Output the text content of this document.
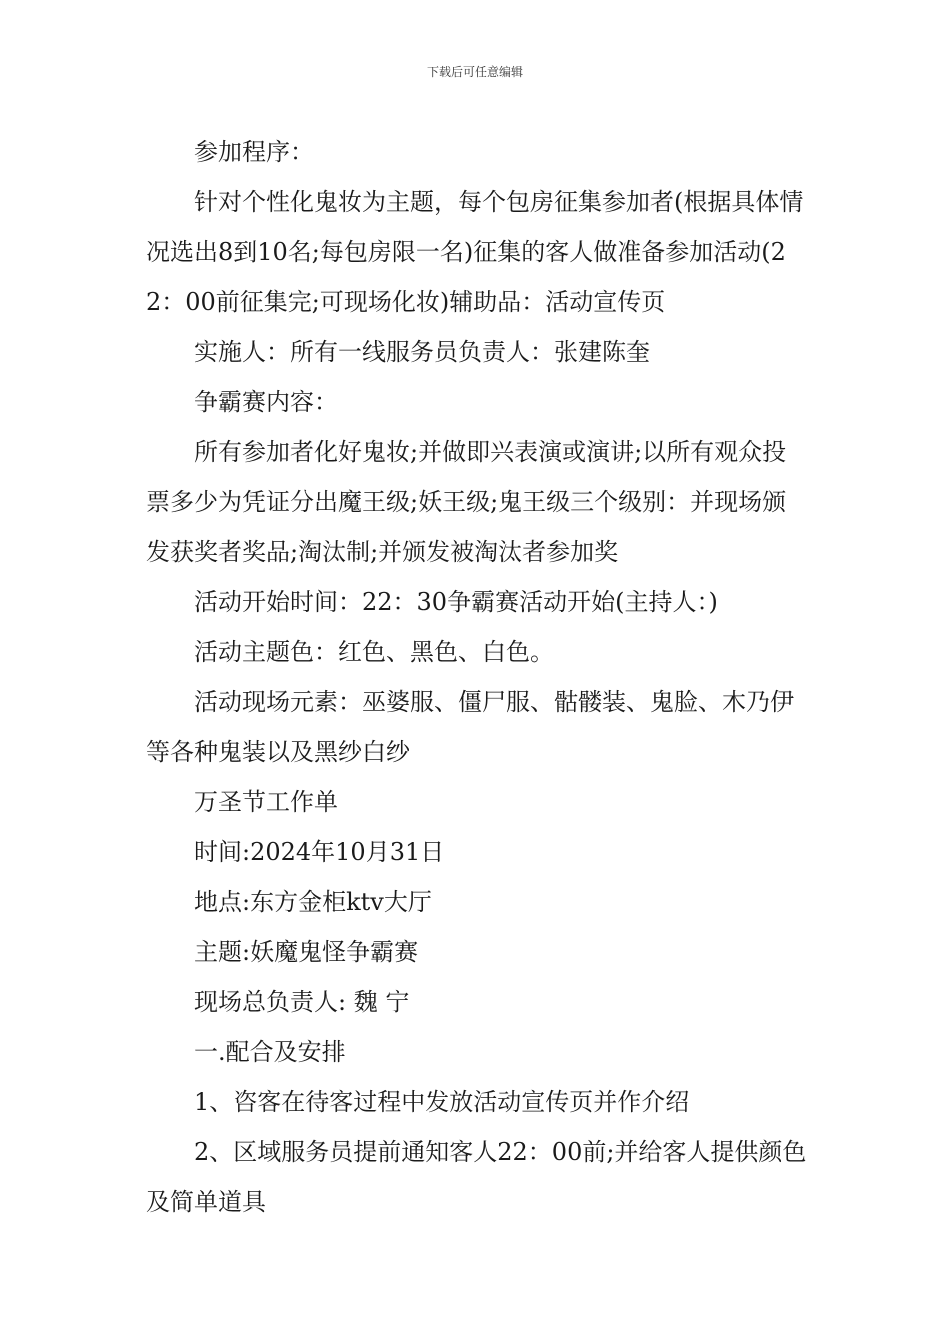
下载后可任意编辑

参加程序：

针对个性化鬼妆为主题，每个包房征集参加者(根据具体情况选出8到10名;每包房限一名)征集的客人做准备参加活动(22：00前征集完;可现场化妆)辅助品：活动宣传页

实施人：所有一线服务员负责人：张建陈奎

争霸赛内容：

所有参加者化好鬼妆;并做即兴表演或演讲;以所有观众投票多少为凭证分出魔王级;妖王级;鬼王级三个级别：并现场颁发获奖者奖品;淘汰制;并颁发被淘汰者参加奖

活动开始时间：22：30争霸赛活动开始(主持人：)

活动主题色：红色、黑色、白色。

活动现场元素：巫婆服、僵尸服、骷髅装、鬼脸、木乃伊等各种鬼装以及黑纱白纱

万圣节工作单

时间:2024年10月31日

地点:东方金柜ktv大厅

主题:妖魔鬼怪争霸赛

现场总负责人: 魏 宁

一.配合及安排

1、咨客在待客过程中发放活动宣传页并作介绍

2、区域服务员提前通知客人22：00前;并给客人提供颜色及简单道具
